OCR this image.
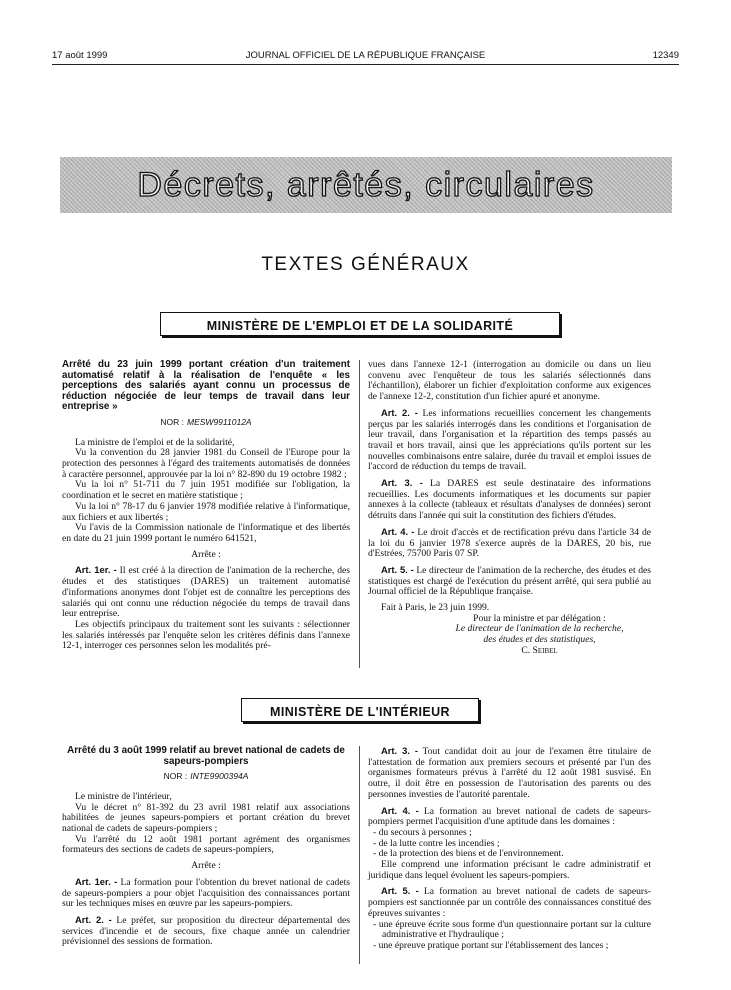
17 août 1999	JOURNAL OFFICIEL DE LA RÉPUBLIQUE FRANÇAISE	12349
Décrets, arrêtés, circulaires
TEXTES GÉNÉRAUX
MINISTÈRE DE L'EMPLOI ET DE LA SOLIDARITÉ
Arrêté du 23 juin 1999 portant création d'un traitement automatisé relatif à la réalisation de l'enquête « les perceptions des salariés ayant connu un processus de réduction négociée de leur temps de travail dans leur entreprise »
NOR : MESW9911012A
La ministre de l'emploi et de la solidarité,
Vu la convention du 28 janvier 1981 du Conseil de l'Europe pour la protection des personnes à l'égard des traitements automatisés de données à caractère personnel, approuvée par la loi n° 82-890 du 19 octobre 1982 ;
Vu la loi n° 51-711 du 7 juin 1951 modifiée sur l'obligation, la coordination et le secret en matière statistique ;
Vu la loi n° 78-17 du 6 janvier 1978 modifiée relative à l'informatique, aux fichiers et aux libertés ;
Vu l'avis de la Commission nationale de l'informatique et des libertés en date du 21 juin 1999 portant le numéro 641521,
Arrête :
Art. 1er. - Il est créé à la direction de l'animation de la recherche, des études et des statistiques (DARES) un traitement automatisé d'informations anonymes dont l'objet est de connaître les perceptions des salariés qui ont connu une réduction négociée du temps de travail dans leur entreprise.
Les objectifs principaux du traitement sont les suivants : sélectionner les salariés intéressés par l'enquête selon les critères définis dans l'annexe 12-1, interroger ces personnes selon les modalités pré-
vues dans l'annexe 12-1 (interrogation au domicile ou dans un lieu convenu avec l'enquêteur de tous les salariés sélectionnés dans l'échantillon), élaborer un fichier d'exploitation conforme aux exigences de l'annexe 12-2, constitution d'un fichier apuré et anonyme.
Art. 2. - Les informations recueillies concernent les changements perçus par les salariés interrogés dans les conditions et l'organisation de leur travail, dans l'organisation et la répartition des temps passés au travail et hors travail, ainsi que les appréciations qu'ils portent sur les nouvelles combinaisons entre salaire, durée du travail et emploi issues de l'accord de réduction du temps de travail.
Art. 3. - La DARES est seule destinataire des informations recueillies. Les documents informatiques et les documents sur papier annexes à la collecte (tableaux et résultats d'analyses de données) seront détruits dans l'année qui suit la constitution des fichiers d'études.
Art. 4. - Le droit d'accès et de rectification prévu dans l'article 34 de la loi du 6 janvier 1978 s'exerce auprès de la DARES, 20 bis, rue d'Estrées, 75700 Paris 07 SP.
Art. 5. - Le directeur de l'animation de la recherche, des études et des statistiques est chargé de l'exécution du présent arrêté, qui sera publié au Journal officiel de la République française.
Fait à Paris, le 23 juin 1999.
Pour la ministre et par délégation :
Le directeur de l'animation de la recherche,
des études et des statistiques,
C. Seibel
MINISTÈRE DE L'INTÉRIEUR
Arrêté du 3 août 1999 relatif au brevet national de cadets de sapeurs-pompiers
NOR : INTE9900394A
Le ministre de l'intérieur,
Vu le décret n° 81-392 du 23 avril 1981 relatif aux associations habilitées de jeunes sapeurs-pompiers et portant création du brevet national de cadets de sapeurs-pompiers ;
Vu l'arrêté du 12 août 1981 portant agrément des organismes formateurs des sections de cadets de sapeurs-pompiers,
Arrête :
Art. 1er. - La formation pour l'obtention du brevet national de cadets de sapeurs-pompiers a pour objet l'acquisition des connaissances portant sur les techniques mises en œuvre par les sapeurs-pompiers.
Art. 2. - Le préfet, sur proposition du directeur départemental des services d'incendie et de secours, fixe chaque année un calendrier prévisionnel des sessions de formation.
Art. 3. - Tout candidat doit au jour de l'examen être titulaire de l'attestation de formation aux premiers secours et présenté par l'un des organismes formateurs prévus à l'arrêté du 12 août 1981 susvisé. En outre, il doit être en possession de l'autorisation des parents ou des personnes investies de l'autorité parentale.
Art. 4. - La formation au brevet national de cadets de sapeurs-pompiers permet l'acquisition d'une aptitude dans les domaines :
- du secours à personnes ;
- de la lutte contre les incendies ;
- de la protection des biens et de l'environnement.
Elle comprend une information précisant le cadre administratif et juridique dans lequel évoluent les sapeurs-pompiers.
Art. 5. - La formation au brevet national de cadets de sapeurs-pompiers est sanctionnée par un contrôle des connaissances constitué des épreuves suivantes :
- une épreuve écrite sous forme d'un questionnaire portant sur la culture administrative et l'hydraulique ;
- une épreuve pratique portant sur l'établissement des lances ;
